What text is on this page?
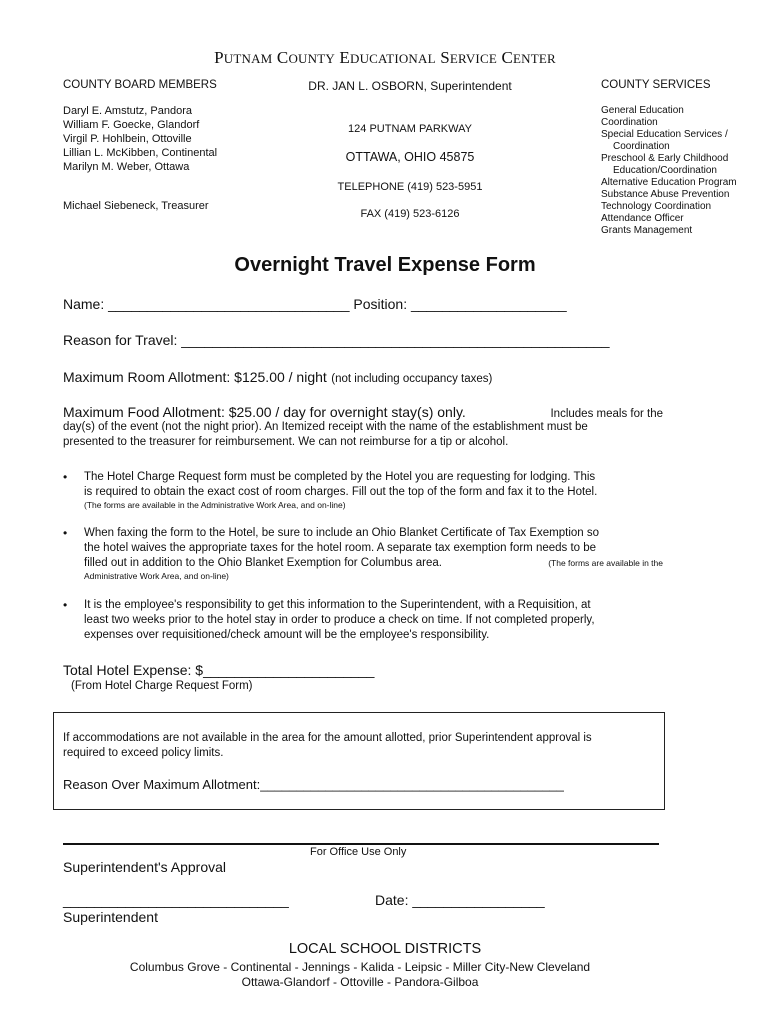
PUTNAM COUNTY EDUCATIONAL SERVICE CENTER
COUNTY BOARD MEMBERS	DR. JAN L. OSBORN, Superintendent	COUNTY SERVICES
Daryl E. Amstutz, Pandora
William F. Goecke, Glandorf
Virgil P. Hohlbein, Ottoville
Lillian L. McKibben, Continental
Marilyn M. Weber, Ottawa
Michael Siebeneck, Treasurer
124 PUTNAM PARKWAY
OTTAWA, OHIO 45875
TELEPHONE (419) 523-5951
FAX (419) 523-6126
General Education
Coordination
Special Education Services /
Coordination
Preschool & Early Childhood
Education/Coordination
Alternative Education Program
Substance Abuse Prevention
Technology Coordination
Attendance Officer
Grants Management
Overnight Travel Expense Form
Name: _______________________________ Position: ____________________
Reason for Travel: _______________________________________________________
Maximum Room Allotment: $125.00 / night (not including occupancy taxes)
Maximum Food Allotment: $25.00 / day for overnight stay(s) only.	Includes meals for the
day(s) of the event (not the night prior). An Itemized receipt with the name of the establishment must be
presented to the treasurer for reimbursement. We can not reimburse for a tip or alcohol.
• The Hotel Charge Request form must be completed by the Hotel you are requesting for lodging. This
is required to obtain the exact cost of room charges. Fill out the top of the form and fax it to the Hotel.
(The forms are available in the Administrative Work Area, and on-line)
• When faxing the form to the Hotel, be sure to include an Ohio Blanket Certificate of Tax Exemption so
the hotel waives the appropriate taxes for the hotel room. A separate tax exemption form needs to be
filled out in addition to the Ohio Blanket Exemption for Columbus area.	(The forms are available in the
Administrative Work Area, and on-line)
• It is the employee's responsibility to get this information to the Superintendent, with a Requisition, at
least two weeks prior to the hotel stay in order to produce a check on time. If not completed properly,
expenses over requisitioned/check amount will be the employee's responsibility.
Total Hotel Expense: $______________________
(From Hotel Charge Request Form)
If accommodations are not available in the area for the amount allotted, prior Superintendent approval is
required to exceed policy limits.
Reason Over Maximum Allotment:__________________________________________
For Office Use Only
Superintendent's Approval
_____________________________	Date: _________________
Superintendent
LOCAL SCHOOL DISTRICTS
Columbus Grove - Continental - Jennings - Kalida - Leipsic - Miller City-New Cleveland
Ottawa-Glandorf - Ottoville - Pandora-Gilboa
